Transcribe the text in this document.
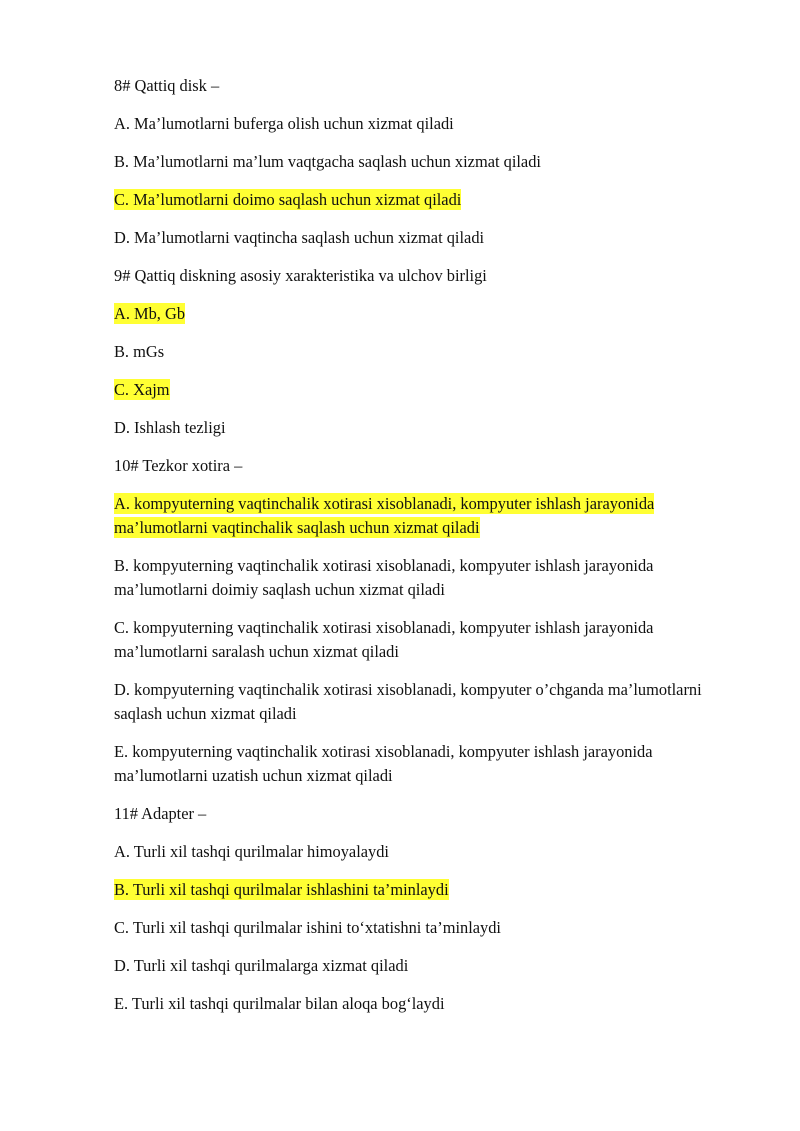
8# Qattiq disk –

A. Ma’lumotlarni buferga olish uchun xizmat qiladi

B. Ma’lumotlarni ma’lum vaqtgacha saqlash uchun xizmat qiladi

C. Ma’lumotlarni doimo saqlash uchun xizmat qiladi

D. Ma’lumotlarni vaqtincha saqlash uchun xizmat qiladi

9# Qattiq diskning asosiy xarakteristika va ulchov birligi

A. Mb, Gb

B. mGs

C. Xajm

D. Ishlash tezligi

10# Tezkor xotira –

A. kompyuterning vaqtinchalik xotirasi xisoblanadi, kompyuter ishlash jarayonida ma’lumotlarni vaqtinchalik saqlash uchun xizmat qiladi

B. kompyuterning vaqtinchalik xotirasi xisoblanadi, kompyuter ishlash jarayonida ma’lumotlarni doimiy saqlash uchun xizmat qiladi

C. kompyuterning vaqtinchalik xotirasi xisoblanadi, kompyuter ishlash jarayonida ma’lumotlarni saralash uchun xizmat qiladi

D. kompyuterning vaqtinchalik xotirasi xisoblanadi, kompyuter o’chganda ma’lumotlarni saqlash uchun xizmat qiladi

E. kompyuterning vaqtinchalik xotirasi xisoblanadi, kompyuter ishlash jarayonida ma’lumotlarni uzatish uchun xizmat qiladi

11# Adapter –

A. Turli xil tashqi qurilmalar himoyalaydi

B. Turli xil tashqi qurilmalar ishlashini ta’minlaydi

C. Turli xil tashqi qurilmalar ishini to‘xtatishni ta’minlaydi

D. Turli xil tashqi qurilmalarga xizmat qiladi

E. Turli xil tashqi qurilmalar bilan aloqa bog‘laydi
